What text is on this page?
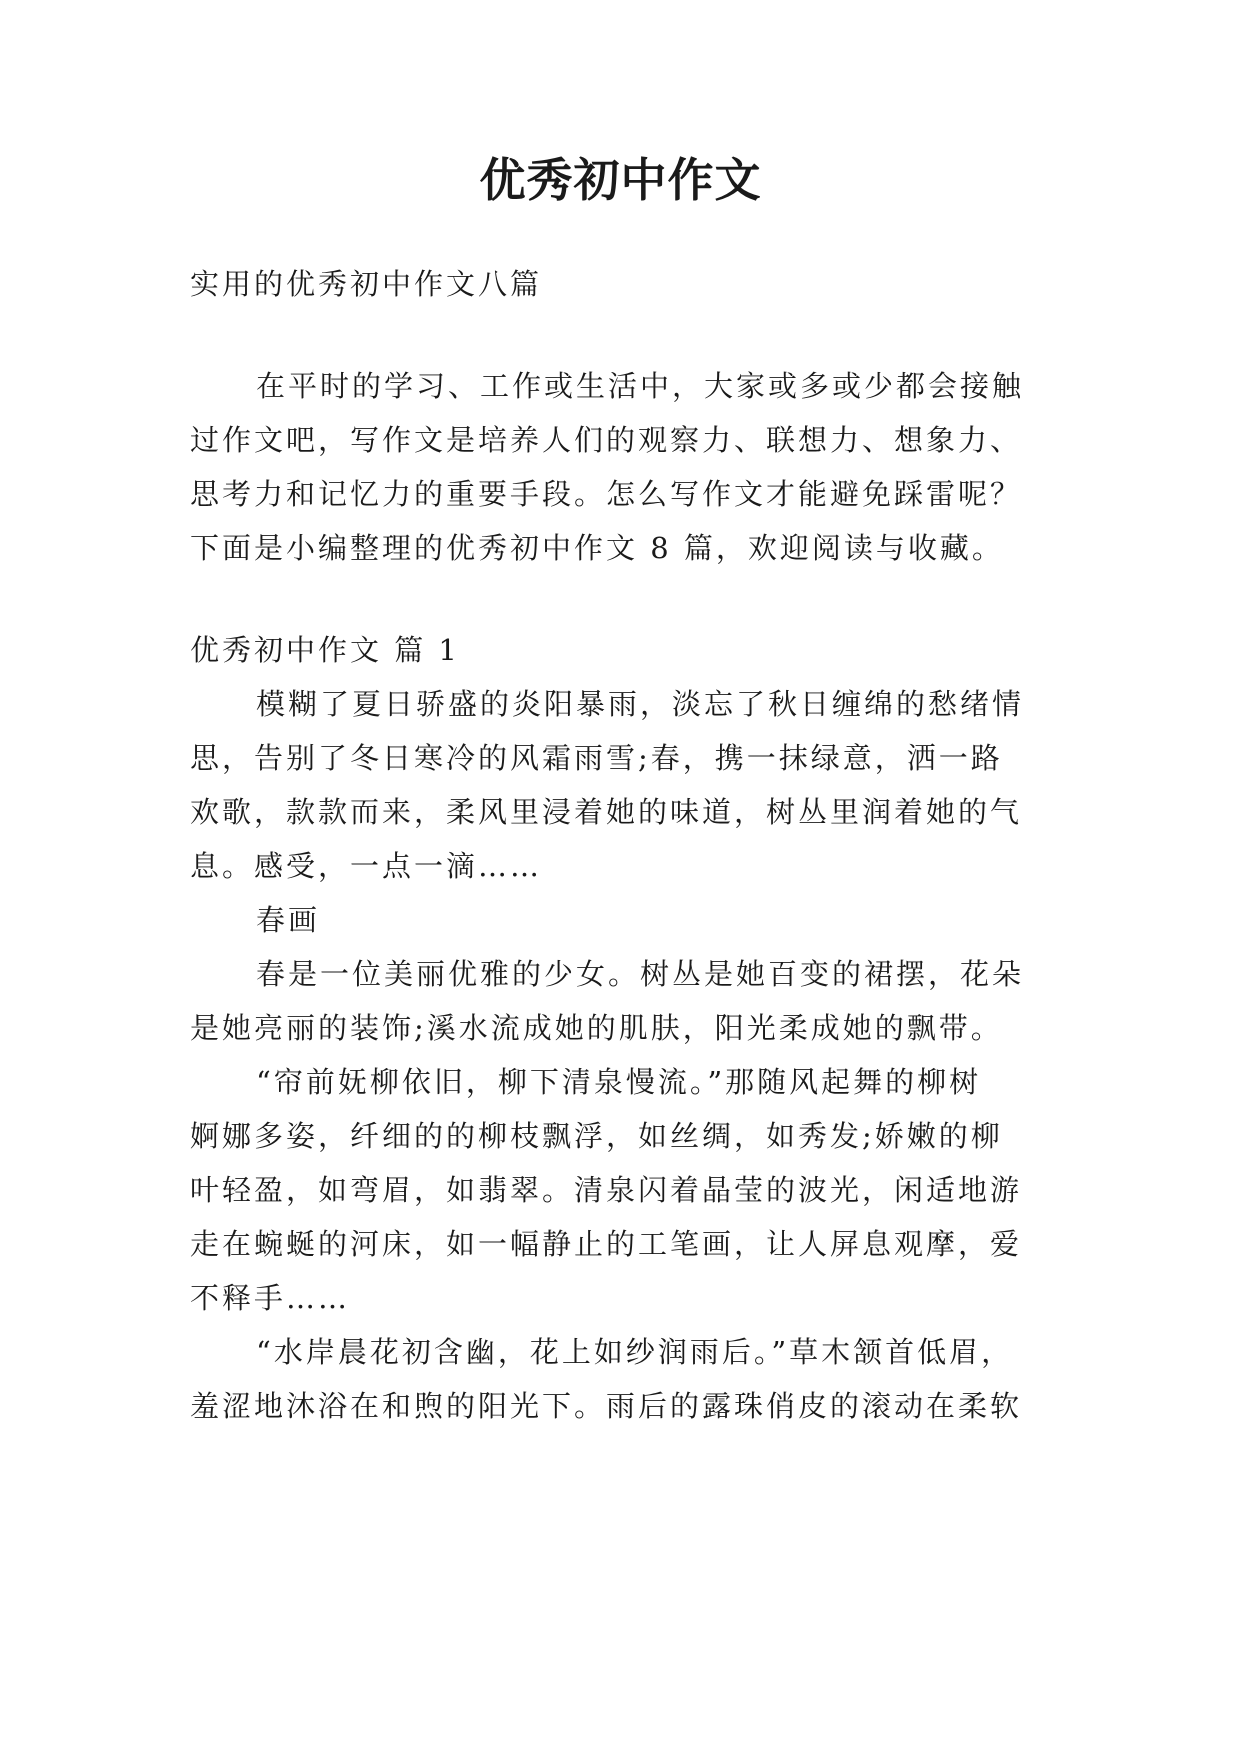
优秀初中作文
实用的优秀初中作文八篇
在平时的学习、工作或生活中，大家或多或少都会接触
过作文吧，写作文是培养人们的观察力、联想力、想象力、
思考力和记忆力的重要手段。怎么写作文才能避免踩雷呢？
下面是小编整理的优秀初中作文 8 篇，欢迎阅读与收藏。
优秀初中作文 篇 1
模糊了夏日骄盛的炎阳暴雨，淡忘了秋日缠绵的愁绪情
思，告别了冬日寒冷的风霜雨雪;春，携一抹绿意，洒一路
欢歌，款款而来，柔风里浸着她的味道，树丛里润着她的气
息。感受，一点一滴……
春画
春是一位美丽优雅的少女。树丛是她百变的裙摆，花朵
是她亮丽的装饰;溪水流成她的肌肤，阳光柔成她的飘带。
“帘前妩柳依旧，柳下清泉慢流。”那随风起舞的柳树
婀娜多姿，纤细的的柳枝飘浮，如丝绸，如秀发;娇嫩的柳
叶轻盈，如弯眉，如翡翠。清泉闪着晶莹的波光，闲适地游
走在蜿蜒的河床，如一幅静止的工笔画，让人屏息观摩，爱
不释手……
“水岸晨花初含幽，花上如纱润雨后。”草木颔首低眉，
羞涩地沐浴在和煦的阳光下。雨后的露珠俏皮的滚动在柔软
